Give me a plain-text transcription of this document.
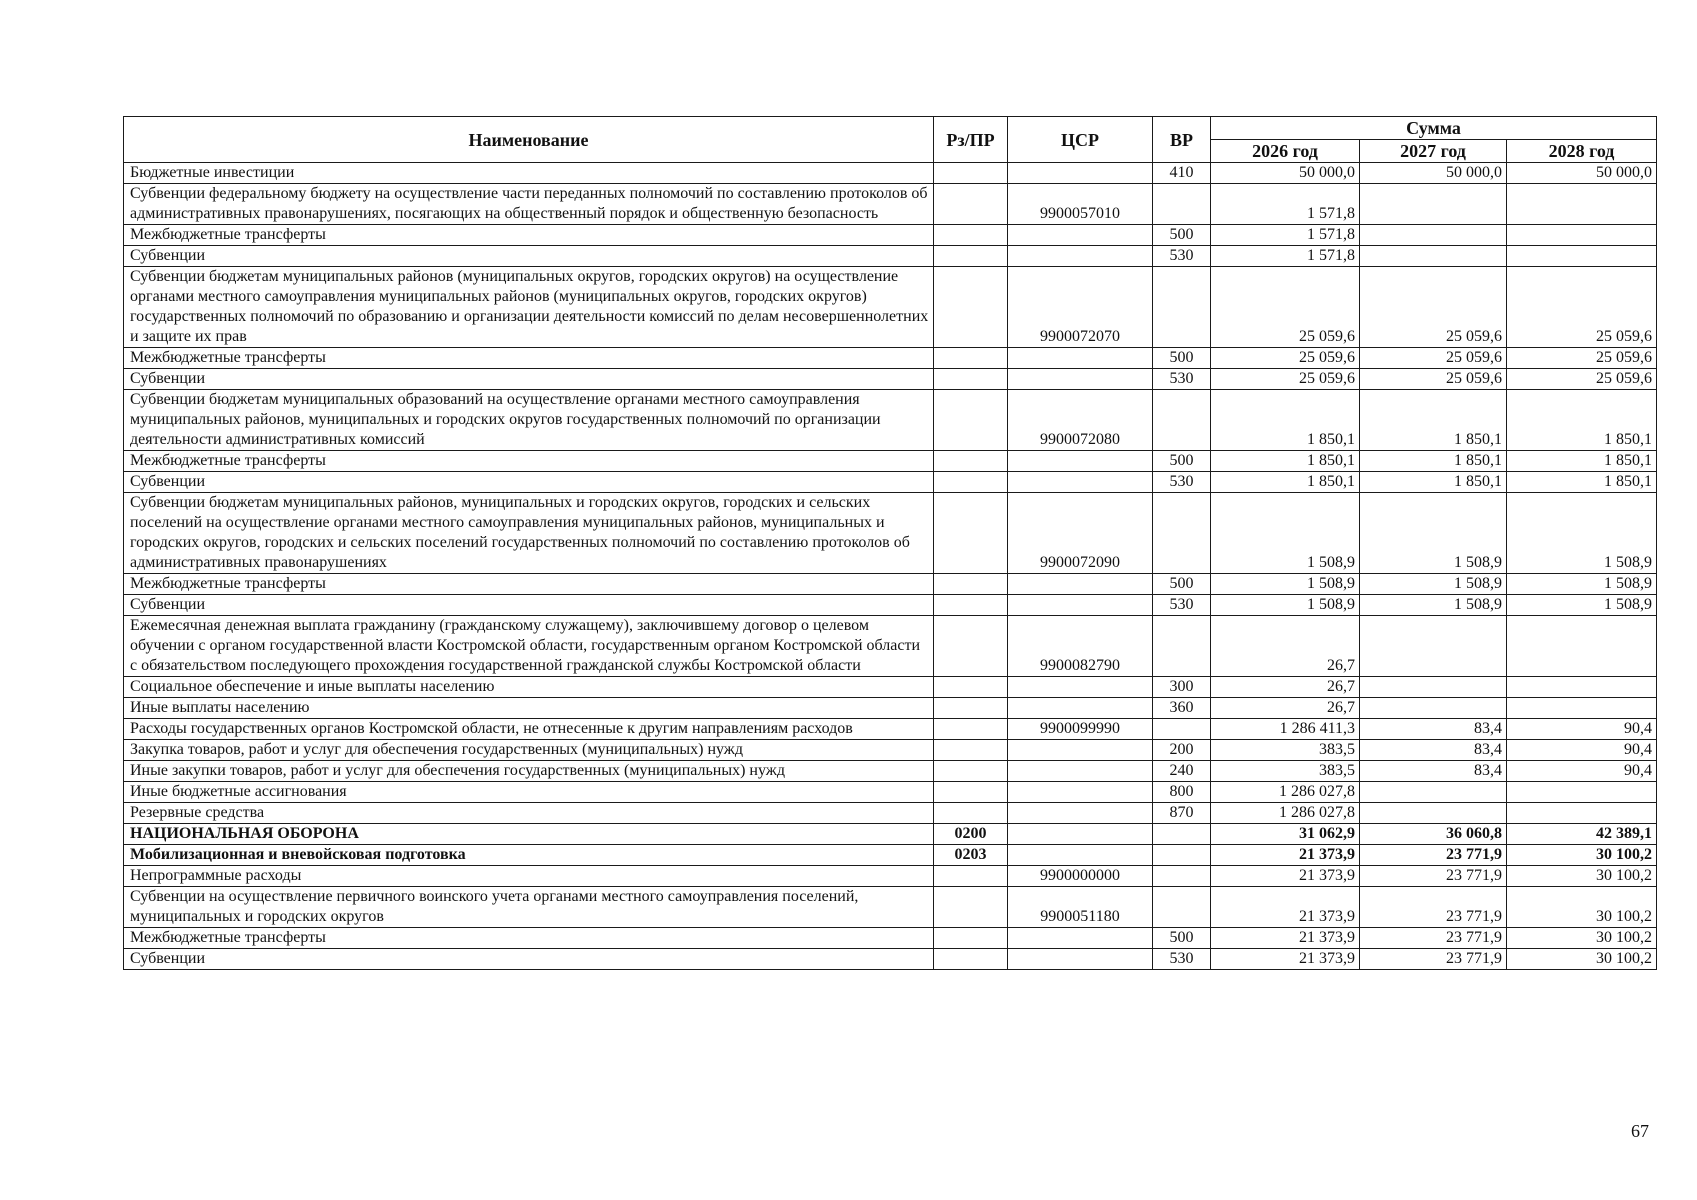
Наименование	Рз/ПР	ЦСР	ВР	Сумма		
				2026 год	2027 год	2028 год
Бюджетные инвестиции			410	50 000,0	50 000,0	50 000,0
Субвенции федеральному бюджету на осуществление части переданных полномочий по составлению протоколов об административных правонарушениях, посягающих на общественный порядок и общественную безопасность		9900057010		1 571,8		
Межбюджетные трансферты			500	1 571,8		
Субвенции			530	1 571,8		
Субвенции бюджетам муниципальных районов (муниципальных округов, городских округов) на осуществление органами местного самоуправления муниципальных районов (муниципальных округов, городских округов) государственных полномочий по образованию и организации деятельности комиссий по делам несовершеннолетних и защите их прав		9900072070		25 059,6	25 059,6	25 059,6
Межбюджетные трансферты			500	25 059,6	25 059,6	25 059,6
Субвенции			530	25 059,6	25 059,6	25 059,6
Субвенции бюджетам муниципальных образований на осуществление органами местного самоуправления муниципальных районов, муниципальных и городских округов государственных полномочий по организации деятельности административных комиссий		9900072080		1 850,1	1 850,1	1 850,1
Межбюджетные трансферты			500	1 850,1	1 850,1	1 850,1
Субвенции			530	1 850,1	1 850,1	1 850,1
Субвенции бюджетам муниципальных районов, муниципальных и городских округов, городских и сельских поселений на осуществление органами местного самоуправления муниципальных районов, муниципальных и городских округов, городских и сельских поселений государственных полномочий по составлению протоколов об административных правонарушениях		9900072090		1 508,9	1 508,9	1 508,9
Межбюджетные трансферты			500	1 508,9	1 508,9	1 508,9
Субвенции			530	1 508,9	1 508,9	1 508,9
Ежемесячная денежная выплата гражданину (гражданскому служащему), заключившему договор о целевом обучении с органом государственной власти Костромской области, государственным органом Костромской области с обязательством последующего прохождения государственной гражданской службы Костромской области		9900082790		26,7		
Социальное обеспечение и иные выплаты населению			300	26,7		
Иные выплаты населению			360	26,7		
Расходы государственных органов Костромской области, не отнесенные к другим направлениям расходов		9900099990		1 286 411,3	83,4	90,4
Закупка товаров, работ и услуг для обеспечения государственных (муниципальных) нужд			200	383,5	83,4	90,4
Иные закупки товаров, работ и услуг для обеспечения государственных (муниципальных) нужд			240	383,5	83,4	90,4
Иные бюджетные ассигнования			800	1 286 027,8		
Резервные средства			870	1 286 027,8		
НАЦИОНАЛЬНАЯ ОБОРОНА	0200			31 062,9	36 060,8	42 389,1
Мобилизационная и вневойсковая подготовка	0203			21 373,9	23 771,9	30 100,2
Непрограммные расходы		9900000000		21 373,9	23 771,9	30 100,2
Субвенции на осуществление первичного воинского учета органами местного самоуправления поселений, муниципальных и городских округов		9900051180		21 373,9	23 771,9	30 100,2
Межбюджетные трансферты			500	21 373,9	23 771,9	30 100,2
Субвенции			530	21 373,9	23 771,9	30 100,2
67
